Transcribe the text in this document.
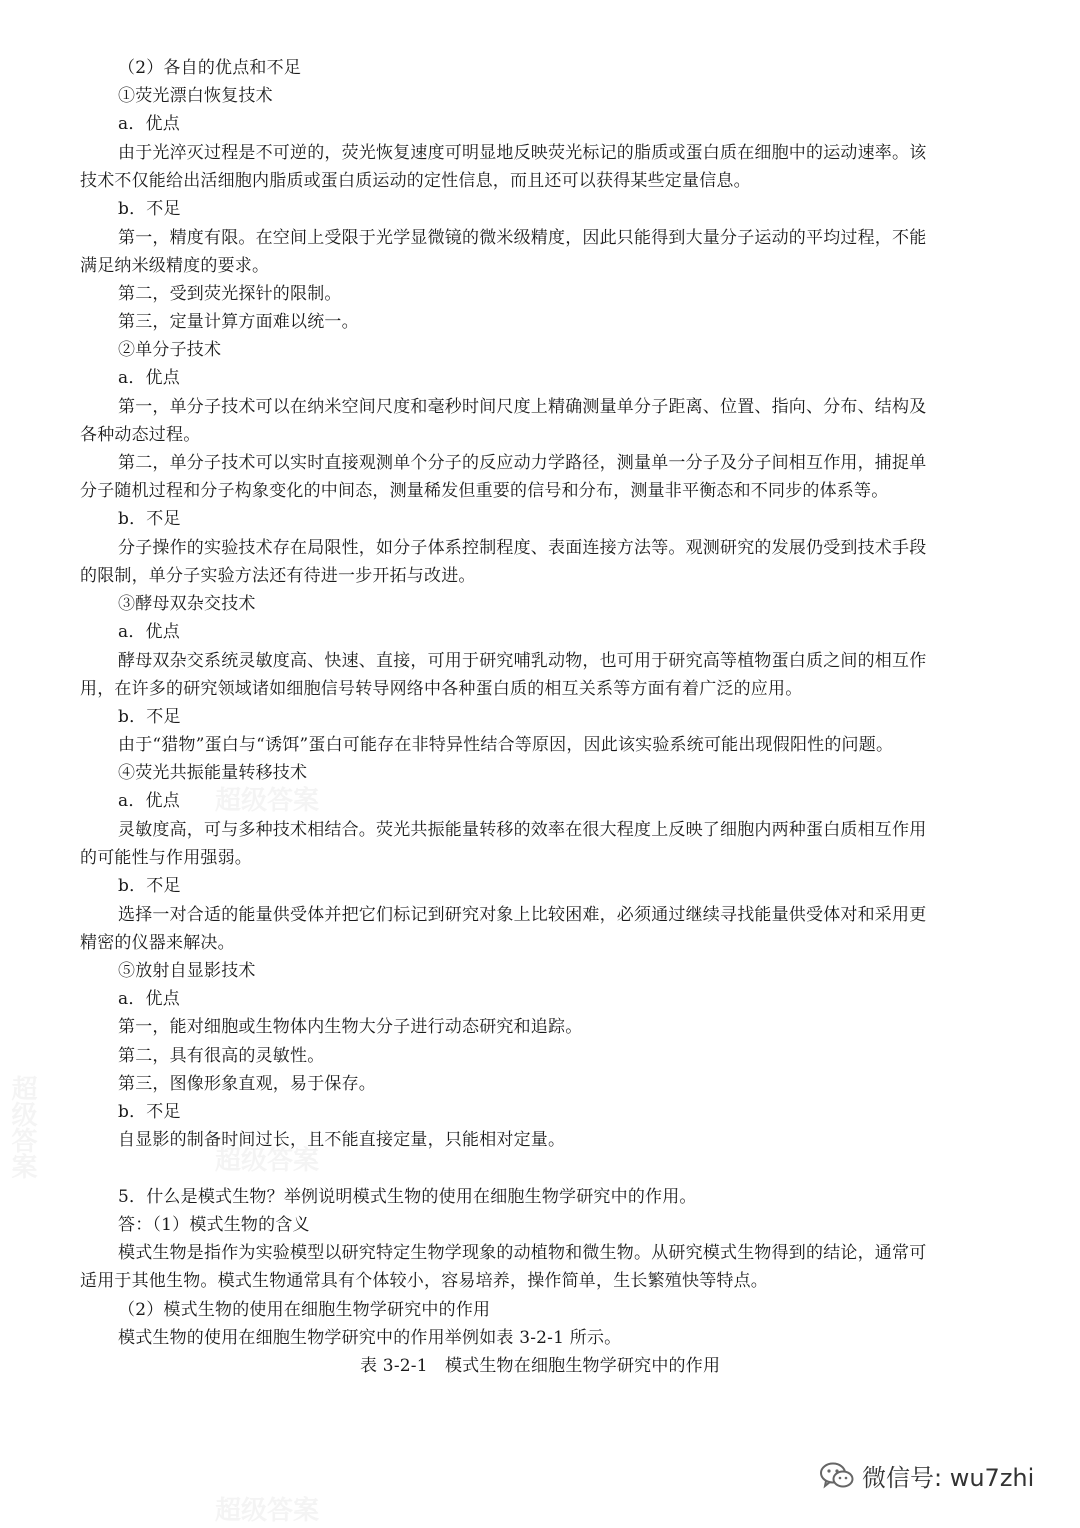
超级答案
超级答案
超级答案
超级答案
（2）各自的优点和不足
①荧光漂白恢复技术
a．优点
由于光淬灭过程是不可逆的，荧光恢复速度可明显地反映荧光标记的脂质或蛋白质在细胞中的运动速率。该
技术不仅能给出活细胞内脂质或蛋白质运动的定性信息，而且还可以获得某些定量信息。
b．不足
第一，精度有限。在空间上受限于光学显微镜的微米级精度，因此只能得到大量分子运动的平均过程，不能
满足纳米级精度的要求。
第二，受到荧光探针的限制。
第三，定量计算方面难以统一。
②单分子技术
a．优点
第一，单分子技术可以在纳米空间尺度和毫秒时间尺度上精确测量单分子距离、位置、指向、分布、结构及
各种动态过程。
第二，单分子技术可以实时直接观测单个分子的反应动力学路径，测量单一分子及分子间相互作用，捕捉单
分子随机过程和分子构象变化的中间态，测量稀发但重要的信号和分布，测量非平衡态和不同步的体系等。
b．不足
分子操作的实验技术存在局限性，如分子体系控制程度、表面连接方法等。观测研究的发展仍受到技术手段
的限制，单分子实验方法还有待进一步开拓与改进。
③酵母双杂交技术
a．优点
酵母双杂交系统灵敏度高、快速、直接，可用于研究哺乳动物，也可用于研究高等植物蛋白质之间的相互作
用，在许多的研究领域诸如细胞信号转导网络中各种蛋白质的相互关系等方面有着广泛的应用。
b．不足
由于“猎物”蛋白与“诱饵”蛋白可能存在非特异性结合等原因，因此该实验系统可能出现假阳性的问题。
④荧光共振能量转移技术
a．优点
灵敏度高，可与多种技术相结合。荧光共振能量转移的效率在很大程度上反映了细胞内两种蛋白质相互作用
的可能性与作用强弱。
b．不足
选择一对合适的能量供受体并把它们标记到研究对象上比较困难，必须通过继续寻找能量供受体对和采用更
精密的仪器来解决。
⑤放射自显影技术
a．优点
第一，能对细胞或生物体内生物大分子进行动态研究和追踪。
第二，具有很高的灵敏性。
第三，图像形象直观，易于保存。
b．不足
自显影的制备时间过长，且不能直接定量，只能相对定量。
5．什么是模式生物？举例说明模式生物的使用在细胞生物学研究中的作用。
答：（1）模式生物的含义
模式生物是指作为实验模型以研究特定生物学现象的动植物和微生物。从研究模式生物得到的结论，通常可
适用于其他生物。模式生物通常具有个体较小，容易培养，操作简单，生长繁殖快等特点。
（2）模式生物的使用在细胞生物学研究中的作用
模式生物的使用在细胞生物学研究中的作用举例如表 3-2-1 所示。
表 3-2-1　模式生物在细胞生物学研究中的作用
微信号: wu7zhi
